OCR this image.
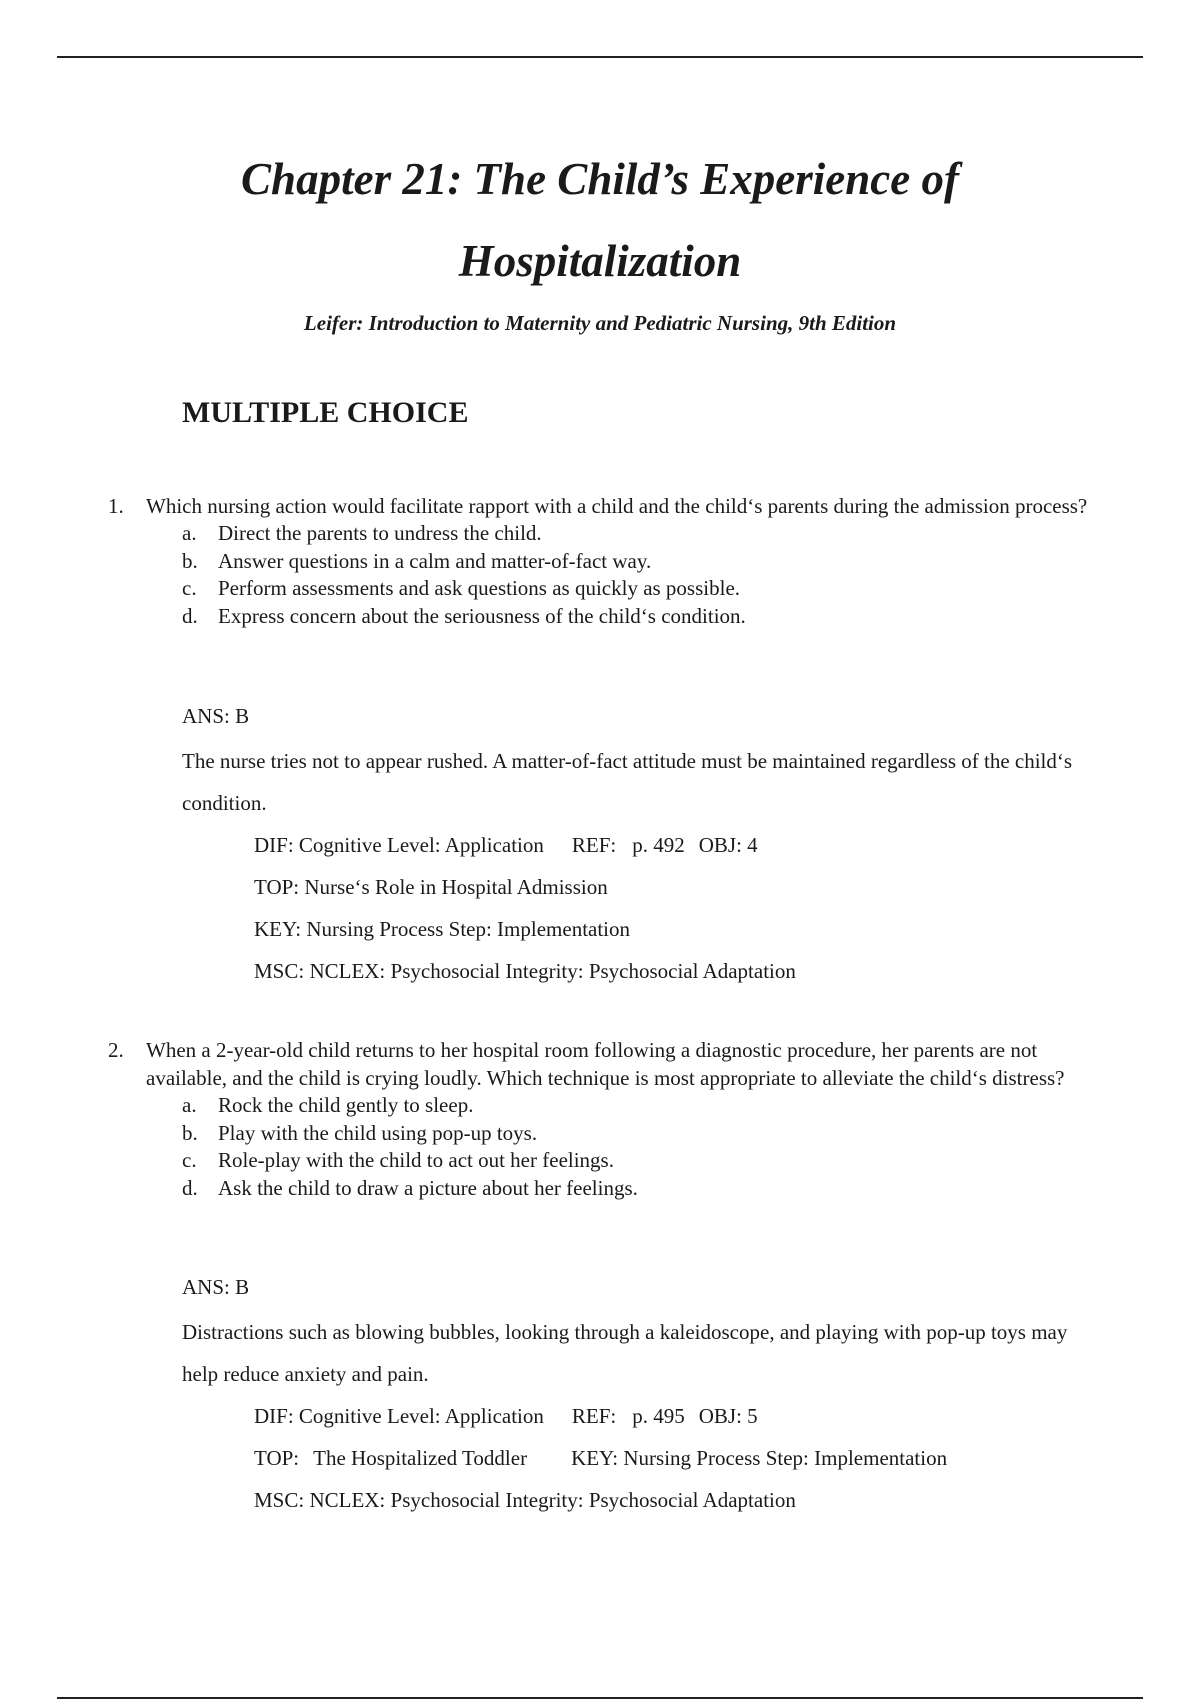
Chapter 21: The Child’s Experience of
Hospitalization

Leifer: Introduction to Maternity and Pediatric Nursing, 9th Edition

MULTIPLE CHOICE
1. Which nursing action would facilitate rapport with a child and the child‘s parents during the admission process?
a. Direct the parents to undress the child.
b. Answer questions in a calm and matter-of-fact way.
c. Perform assessments and ask questions as quickly as possible.
d. Express concern about the seriousness of the child‘s condition.
ANS: B
The nurse tries not to appear rushed. A matter-of-fact attitude must be maintained regardless of the child‘s condition.
DIF: Cognitive Level: Application REF: p. 492 OBJ: 4
TOP: Nurse‘s Role in Hospital Admission
KEY: Nursing Process Step: Implementation
MSC: NCLEX: Psychosocial Integrity: Psychosocial Adaptation
2. When a 2-year-old child returns to her hospital room following a diagnostic procedure, her parents are not available, and the child is crying loudly. Which technique is most appropriate to alleviate the child‘s distress?
a. Rock the child gently to sleep.
b. Play with the child using pop-up toys.
c. Role-play with the child to act out her feelings.
d. Ask the child to draw a picture about her feelings.
ANS: B
Distractions such as blowing bubbles, looking through a kaleidoscope, and playing with pop-up toys may help reduce anxiety and pain.
DIF: Cognitive Level: Application REF: p. 495 OBJ: 5
TOP: The Hospitalized Toddler KEY: Nursing Process Step: Implementation
MSC: NCLEX: Psychosocial Integrity: Psychosocial Adaptation
